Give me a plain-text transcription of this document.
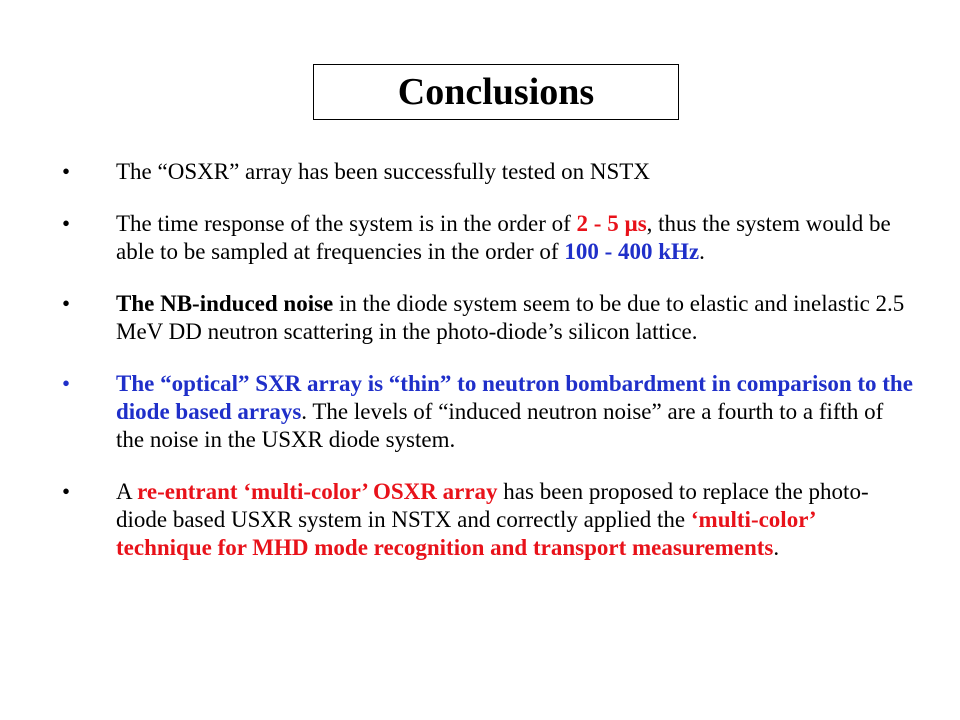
Conclusions
• The “OSXR” array has been successfully tested on NSTX
• The time response of the system is in the order of 2 - 5 µs, thus the system would be able to be sampled at frequencies in the order of 100 - 400 kHz.
• The NB-induced noise in the diode system seem to be due to elastic and inelastic 2.5 MeV DD neutron scattering in the photo-diode’s silicon lattice.
• The “optical” SXR array is “thin” to neutron bombardment in comparison to the diode based arrays. The levels of “induced neutron noise” are a fourth to a fifth of the noise in the USXR diode system.
• A re-entrant ‘multi-color’ OSXR array has been proposed to replace the photo-diode based USXR system in NSTX and correctly applied the ‘multi-color’ technique for MHD mode recognition and transport measurements.
